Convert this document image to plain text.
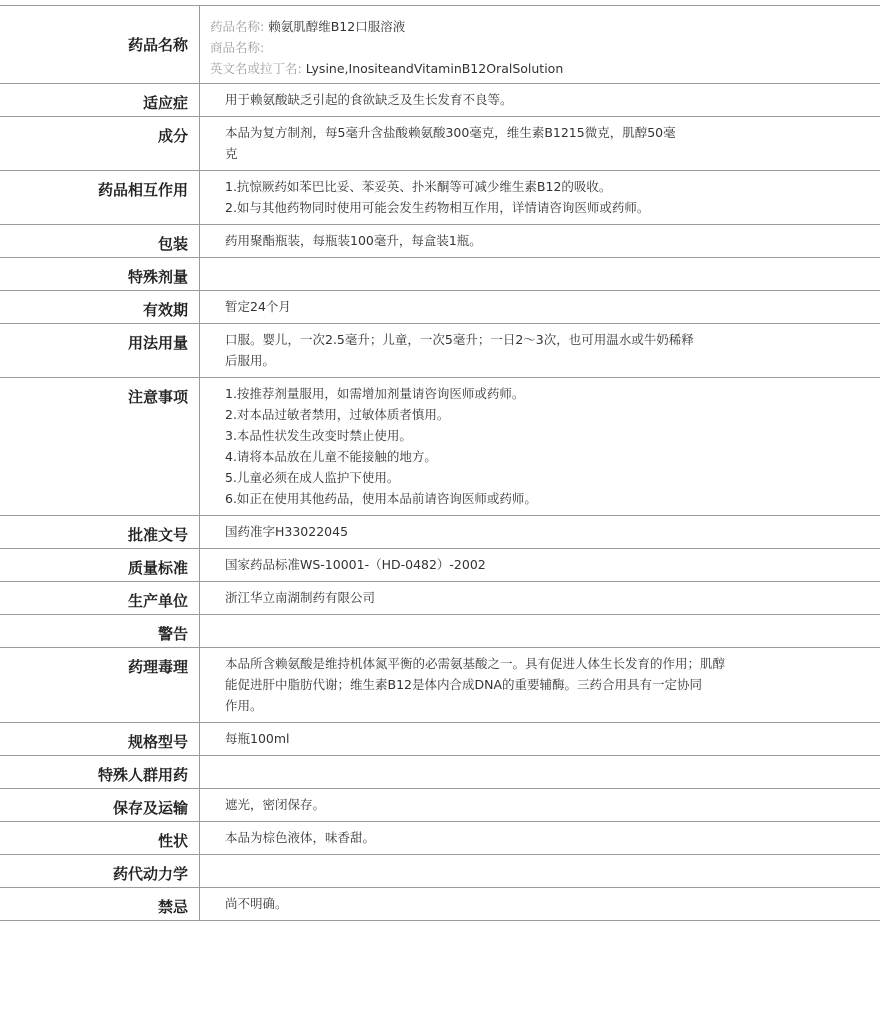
药品名称
药品名称: 赖氨肌醇维B12口服溶液
商品名称:
英文名或拉丁名: Lysine,InositeandVitaminB12OralSolution
适应症	用于赖氨酸缺乏引起的食欲缺乏及生长发育不良等。
成分	本品为复方制剂，每5毫升含盐酸赖氨酸300毫克，维生素B1215微克，肌醇50毫
克
药品相互作用	1.抗惊厥药如苯巴比妥、苯妥英、扑米酮等可减少维生素B12的吸收。
2.如与其他药物同时使用可能会发生药物相互作用，详情请咨询医师或药师。
包装	药用聚酯瓶装，每瓶装100毫升，每盒装1瓶。
特殊剂量
有效期	暂定24个月
用法用量	口服。婴儿，一次2.5毫升；儿童，一次5毫升；一日2～3次，也可用温水或牛奶稀释
后服用。
注意事项	1.按推荐剂量服用，如需增加剂量请咨询医师或药师。
2.对本品过敏者禁用，过敏体质者慎用。
3.本品性状发生改变时禁止使用。
4.请将本品放在儿童不能接触的地方。
5.儿童必须在成人监护下使用。
6.如正在使用其他药品，使用本品前请咨询医师或药师。
批准文号	国药准字H33022045
质量标准	国家药品标准WS-10001-（HD-0482）-2002
生产单位	浙江华立南湖制药有限公司
警告
药理毒理	本品所含赖氨酸是维持机体氮平衡的必需氨基酸之一。具有促进人体生长发育的作用；肌醇
能促进肝中脂肪代谢；维生素B12是体内合成DNA的重要辅酶。三药合用具有一定协同
作用。
规格型号	每瓶100ml
特殊人群用药
保存及运输	遮光，密闭保存。
性状	本品为棕色液体，味香甜。
药代动力学
禁忌	尚不明确。
